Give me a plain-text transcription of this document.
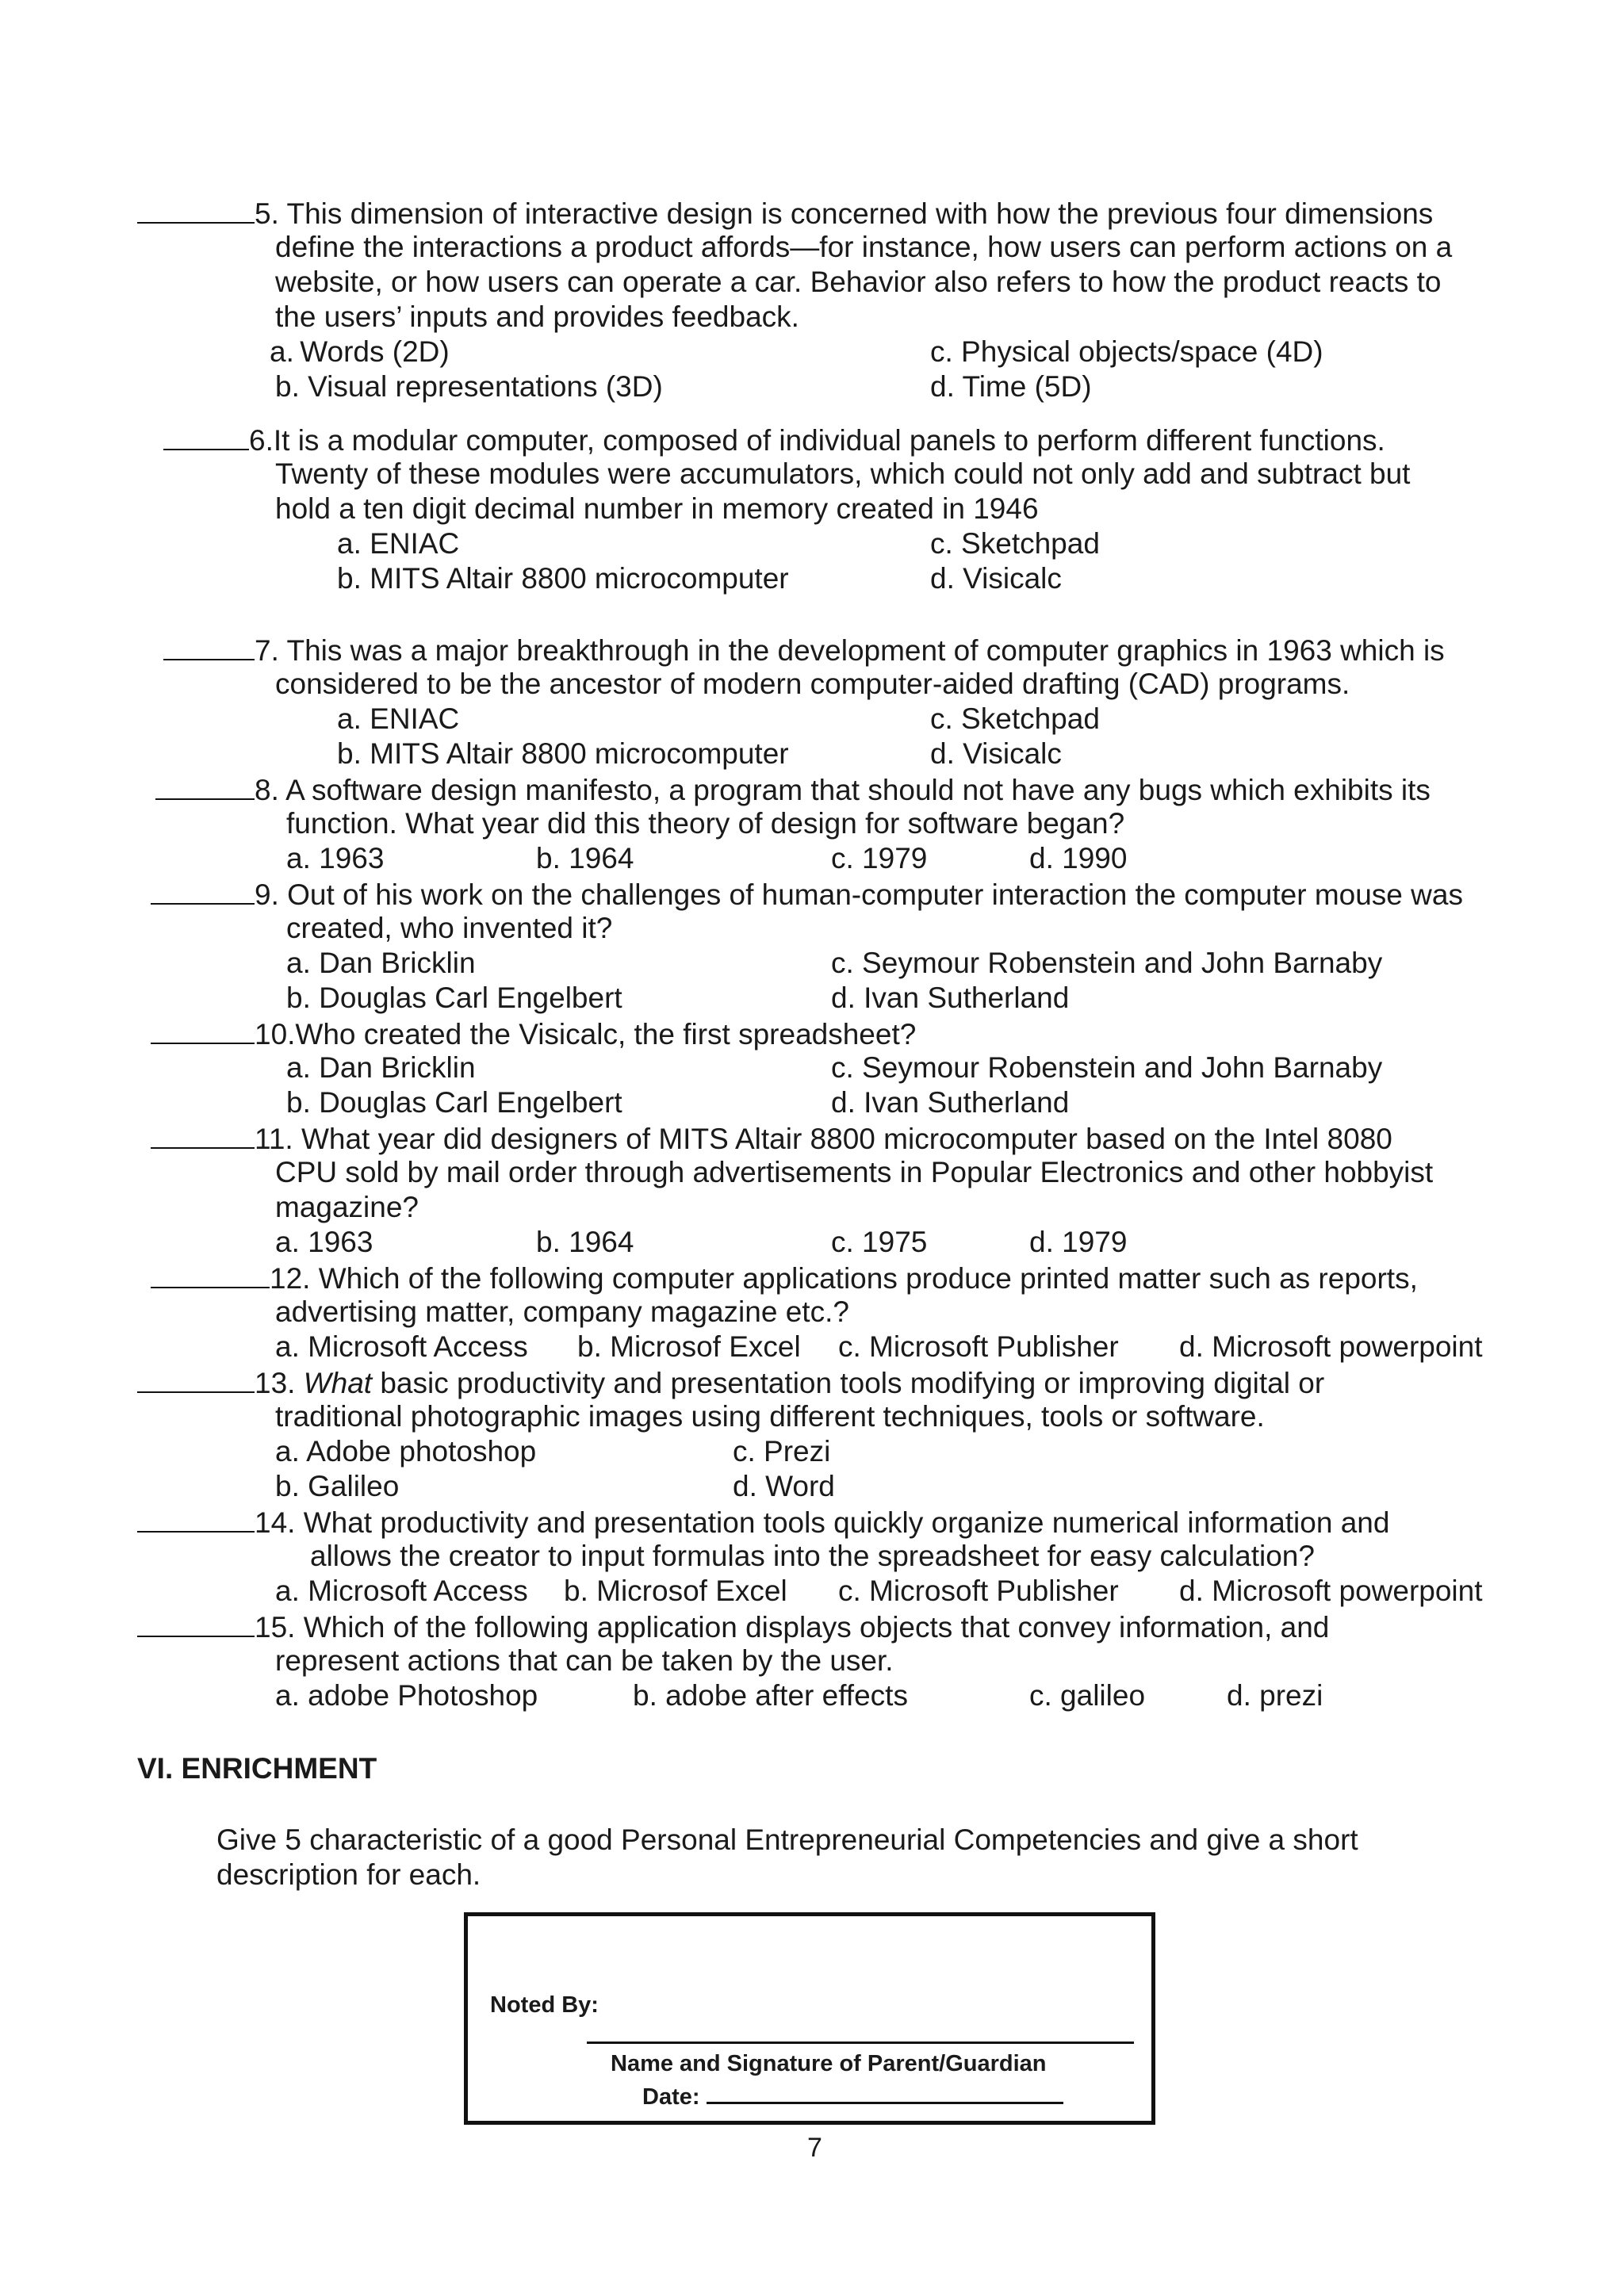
5. This dimension of interactive design is concerned with how the previous four dimensions
define the interactions a product affords—for instance, how users can perform actions on a
website, or how users can operate a car. Behavior also refers to how the product reacts to
the users’ inputs and provides feedback.
a. Words (2D)	c. Physical objects/space (4D)
b. Visual representations (3D)	d. Time (5D)
6.It is a modular computer, composed of individual panels to perform different functions.
Twenty of these modules were accumulators, which could not only add and subtract but
hold a ten digit decimal number in memory created in 1946
a. ENIAC	c. Sketchpad
b. MITS Altair 8800 microcomputer	d. Visicalc
7. This was a major breakthrough in the development of computer graphics in 1963 which is
considered to be the ancestor of modern computer-aided drafting (CAD) programs.
a. ENIAC	c. Sketchpad
b. MITS Altair 8800 microcomputer	d. Visicalc
8. A software design manifesto, a program that should not have any bugs which exhibits its
function. What year did this theory of design for software began?
a. 1963	b. 1964	c. 1979	d. 1990
9. Out of his work on the challenges of human-computer interaction the computer mouse was
created, who invented it?
a. Dan Bricklin	c. Seymour Robenstein and John Barnaby
b. Douglas Carl Engelbert	d. Ivan Sutherland
10.Who created the Visicalc, the first spreadsheet?
a. Dan Bricklin	c. Seymour Robenstein and John Barnaby
b. Douglas Carl Engelbert	d. Ivan Sutherland
11. What year did designers of MITS Altair 8800 microcomputer based on the Intel 8080
CPU sold by mail order through advertisements in Popular Electronics and other hobbyist
magazine?
a. 1963	b. 1964	c. 1975	d. 1979
12. Which of the following computer applications produce printed matter such as reports,
advertising matter, company magazine etc.?
a. Microsoft Access b. Microsof Excel c. Microsoft Publisher d. Microsoft powerpoint
13. What basic productivity and presentation tools modifying or improving digital or
traditional photographic images using different techniques, tools or software.
a. Adobe photoshop	c. Prezi
b. Galileo	d. Word
14. What productivity and presentation tools quickly organize numerical information and
allows the creator to input formulas into the spreadsheet for easy calculation?
a. Microsoft Access b. Microsof Excel c. Microsoft Publisher d. Microsoft powerpoint
15. Which of the following application displays objects that convey information, and
represent actions that can be taken by the user.
a. adobe Photoshop	b. adobe after effects	c. galileo	d. prezi
VI. ENRICHMENT
Give 5 characteristic of a good Personal Entrepreneurial Competencies and give a short
description for each.
Noted By:
Name and Signature of Parent/Guardian
Date:
7
